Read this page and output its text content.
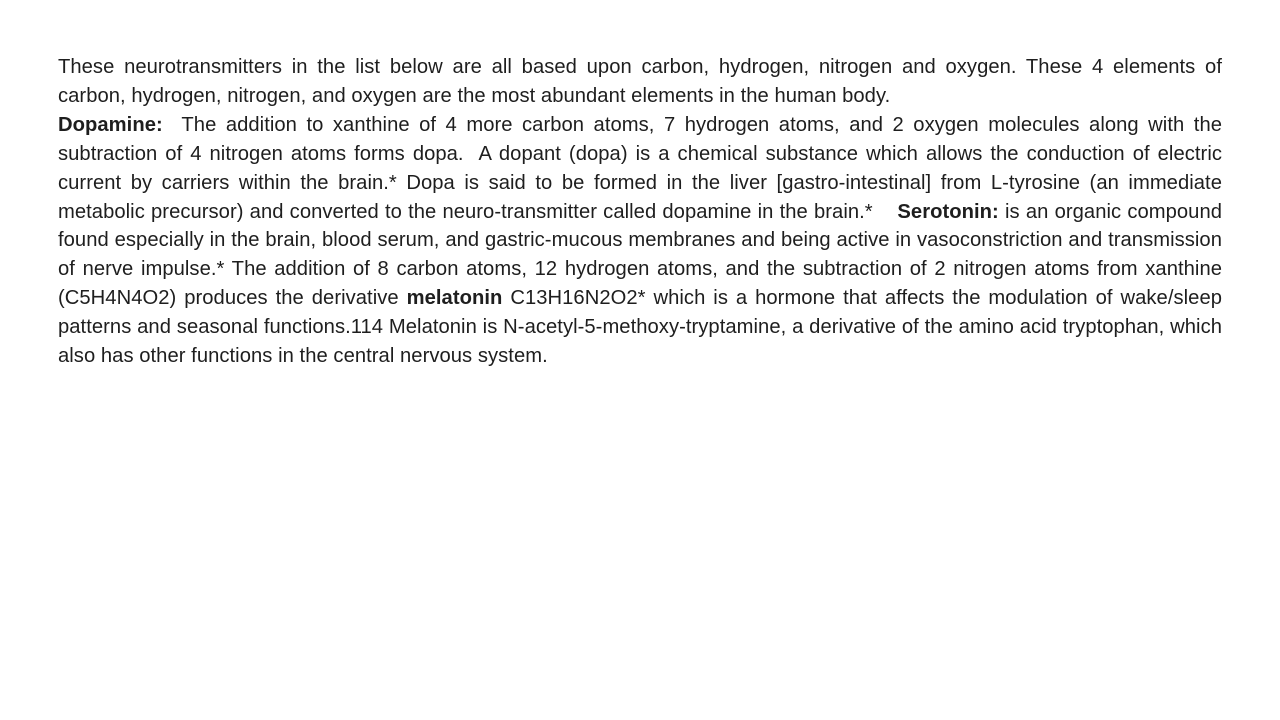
These neurotransmitters in the list below are all based upon carbon, hydrogen, nitrogen and oxygen. These 4 elements of carbon, hydrogen, nitrogen, and oxygen are the most abundant elements in the human body.

Dopamine:  The addition to xanthine of 4 more carbon atoms, 7 hydrogen atoms, and 2 oxygen molecules along with the subtraction of 4 nitrogen atoms forms dopa.  A dopant (dopa) is a chemical substance which allows the conduction of electric current by carriers within the brain.* Dopa is said to be formed in the liver [gastro-intestinal] from L-tyrosine (an immediate metabolic precursor) and converted to the neuro-transmitter called dopamine in the brain.*    Serotonin: is an organic compound found especially in the brain, blood serum, and gastric-mucous membranes and being active in vasoconstriction and transmission of nerve impulse.* The addition of 8 carbon atoms, 12 hydrogen atoms, and the subtraction of 2 nitrogen atoms from xanthine (C5H4N4O2) produces the derivative melatonin C13H16N2O2* which is a hormone that affects the modulation of wake/sleep patterns and seasonal functions.114 Melatonin is N-acetyl-5-methoxy-tryptamine, a derivative of the amino acid tryptophan, which also has other functions in the central nervous system.
